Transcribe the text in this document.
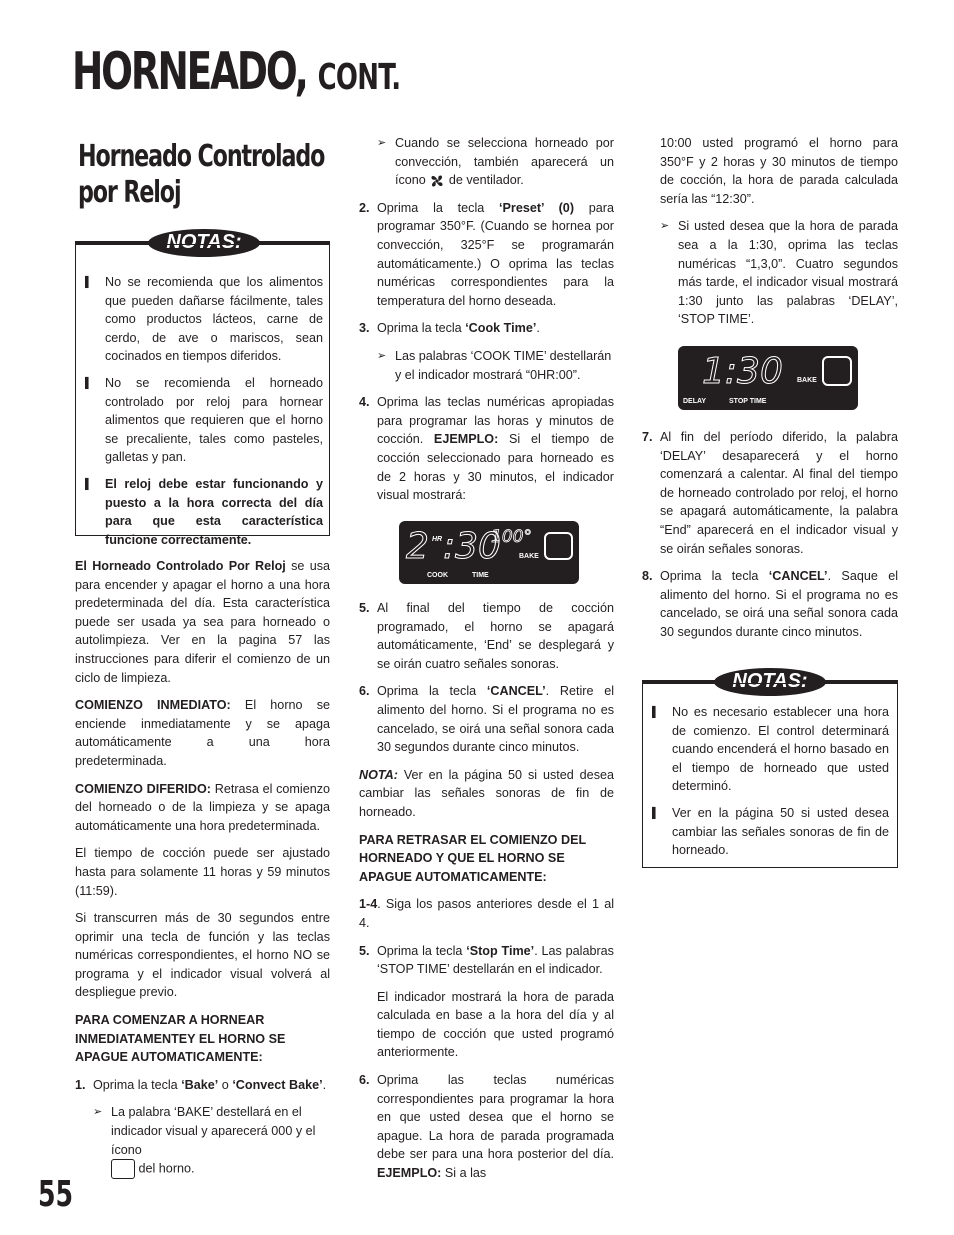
HORNEADO, CONT.
Horneado Controlado
por Reloj
NOTAS:
▌	No se recomienda que los alimentos que pueden dañarse fácilmente, tales como productos lácteos, carne de cerdo, de ave o mariscos, sean cocinados en tiempos diferidos.
▌	No se recomienda el horneado controlado por reloj para hornear alimentos que requieren que el horno se precaliente, tales como pasteles, galletas y pan.
▌	El reloj debe estar funcionando y puesto a la hora correcta del día para que esta característica funcione correctamente.

El Horneado Controlado Por Reloj se usa para encender y apagar el horno a una hora predeterminada del día. Esta característica puede ser usada ya sea para horneado o autolimpieza. Ver en la pagina 57 las instrucciones para diferir el comienzo de un ciclo de limpieza.

COMIENZO INMEDIATO: El horno se enciende inmediatamente y se apaga automáticamente a una hora predeterminada.

COMIENZO DIFERIDO: Retrasa el comienzo del horneado o de la limpieza y se apaga automáticamente una hora predeterminada.

El tiempo de cocción puede ser ajustado hasta para solamente 11 horas y 59 minutos (11:59).

Si transcurren más de 30 segundos entre oprimir una tecla de función y las teclas numéricas correspondientes, el horno NO se programa y el indicador visual volverá al despliegue previo.

PARA COMENZAR A HORNEAR INMEDIATAMENTEY EL HORNO SE APAGUE AUTOMATICAMENTE:

1. Oprima la tecla ‘Bake’ o ‘Convect Bake’.
➢ La palabra ‘BAKE’ destellará en el indicador visual y aparecerá 000 y el ícono
del horno.
➢ Cuando se selecciona horneado por convección, también aparecerá un ícono de ventilador.
2. Oprima la tecla ‘Preset’ (0) para programar 350°F. (Cuando se hornea por convección, 325°F se programarán automáticamente.) O oprima las teclas numéricas correspondientes para la temperatura del horno deseada.
3. Oprima la tecla ‘Cook Time’.
➢ Las palabras ‘COOK TIME’ destellarán y el indicador mostrará “0HR:00”.
4. Oprima las teclas numéricas apropiadas para programar las horas y minutos de cocción. EJEMPLO: Si el tiempo de cocción seleccionado para horneado es de 2 horas y 30 minutos, el indicador visual mostrará:
2 HR :30
100°
BAKE
COOK	TIME
5. Al final del tiempo de cocción programado, el horno se apagará automáticamente, ‘End’ se desplegará y se oirán cuatro señales sonoras.
6. Oprima la tecla ‘CANCEL’. Retire el alimento del horno. Si el programa no es cancelado, se oirá una señal sonora cada 30 segundos durante cinco minutos.

NOTA: Ver en la página 50 si usted desea cambiar las señales sonoras de fin de horneado.

PARA RETRASAR EL COMIENZO DEL HORNEADO Y QUE EL HORNO SE APAGUE AUTOMATICAMENTE:

1-4. Siga los pasos anteriores desde el 1 al 4.

5. Oprima la tecla ‘Stop Time’. Las palabras ‘STOP TIME’ destellarán en el indicador.

El indicador mostrará la hora de parada calculada en base a la hora del día y al tiempo de cocción que usted programó anteriormente.

6. Oprima las teclas numéricas correspondientes para programar la hora en que usted desea que el horno se apague. La hora de parada programada debe ser para una hora posterior del día. EJEMPLO: Si a las

10:00 usted programó el horno para 350°F y 2 horas y 30 minutos de tiempo de cocción, la hora de parada calculada sería las “12:30”.

➢ Si usted desea que la hora de parada sea a la 1:30, oprima las teclas numéricas “1,3,0”. Cuatro segundos más tarde, el indicador visual mostrará 1:30 junto las palabras ‘DELAY’, ‘STOP TIME’.
1:30 BAKE
DELAY	STOP TIME
7. Al fin del período diferido, la palabra ‘DELAY’ desaparecerá y el horno comenzará a calentar. Al final del tiempo de horneado controlado por reloj, el horno se apagará automáticamente, la palabra “End” aparecerá en el indicador visual y se oirán señales sonoras.
8. Oprima la tecla ‘CANCEL’. Saque el alimento del horno. Si el programa no es cancelado, se oirá una señal sonora cada 30 segundos durante cinco minutos.
NOTAS:
▌	No es necesario establecer una hora de comienzo. El control determinará cuando encenderá el horno basado en el tiempo de horneado que usted determinó.
▌	Ver en la página 50 si usted desea cambiar las señales sonoras de fin de horneado.
55
